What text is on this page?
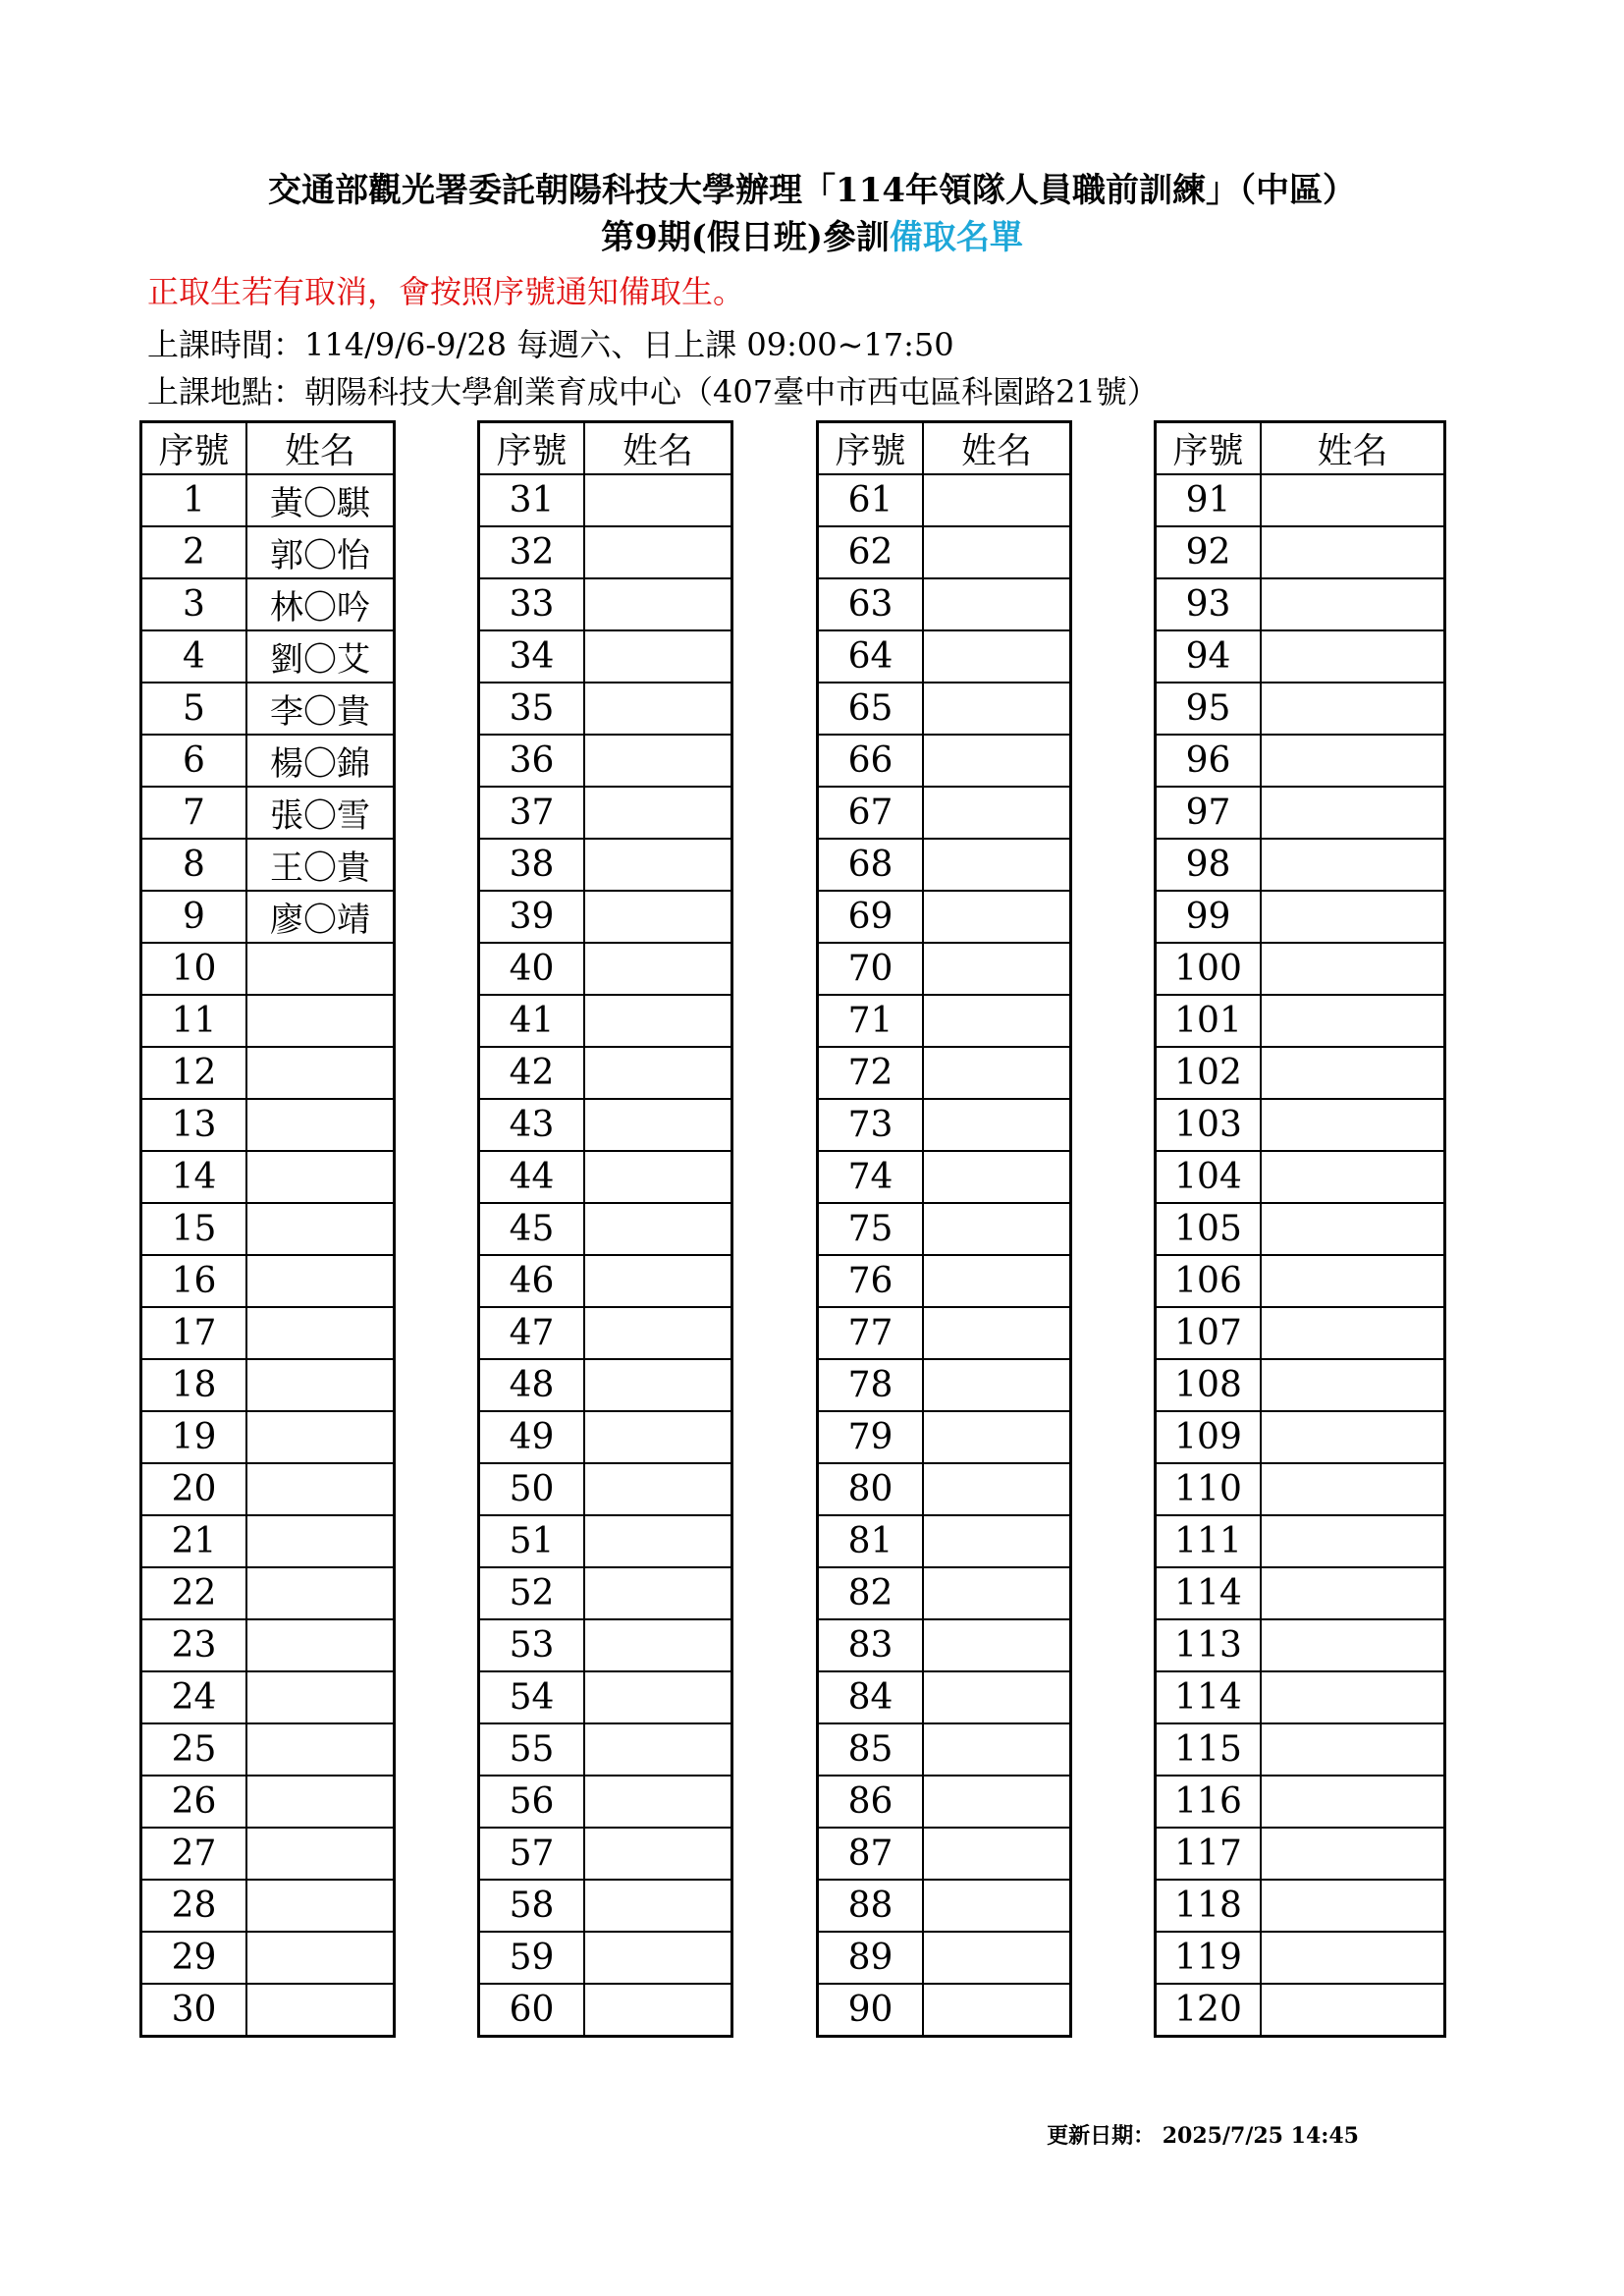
交通部觀光署委託朝陽科技大學辦理「114年領隊人員職前訓練」（中區）
第9期(假日班)參訓備取名單
正取生若有取消，會按照序號通知備取生。
上課時間：114/9/6-9/28 每週六、日上課 09:00~17:50
上課地點：朝陽科技大學創業育成中心（407臺中市西屯區科園路21號）
序號	姓名
1	黃〇騏
2	郭〇怡
3	林〇吟
4	劉〇艾
5	李〇貴
6	楊〇錦
7	張〇雪
8	王〇貴
9	廖〇靖
10	
11	
12	
13	
14	
15	
16	
17	
18	
19	
20	
21	
22	
23	
24	
25	
26	
27	
28	
29	
30	
序號	姓名
31	
32	
33	
34	
35	
36	
37	
38	
39	
40	
41	
42	
43	
44	
45	
46	
47	
48	
49	
50	
51	
52	
53	
54	
55	
56	
57	
58	
59	
60	
序號	姓名
61	
62	
63	
64	
65	
66	
67	
68	
69	
70	
71	
72	
73	
74	
75	
76	
77	
78	
79	
80	
81	
82	
83	
84	
85	
86	
87	
88	
89	
90	
序號	姓名
91	
92	
93	
94	
95	
96	
97	
98	
99	
100	
101	
102	
103	
104	
105	
106	
107	
108	
109	
110	
111	
114	
113	
114	
115	
116	
117	
118	
119	
120	
更新日期： 2025/7/25 14:45
